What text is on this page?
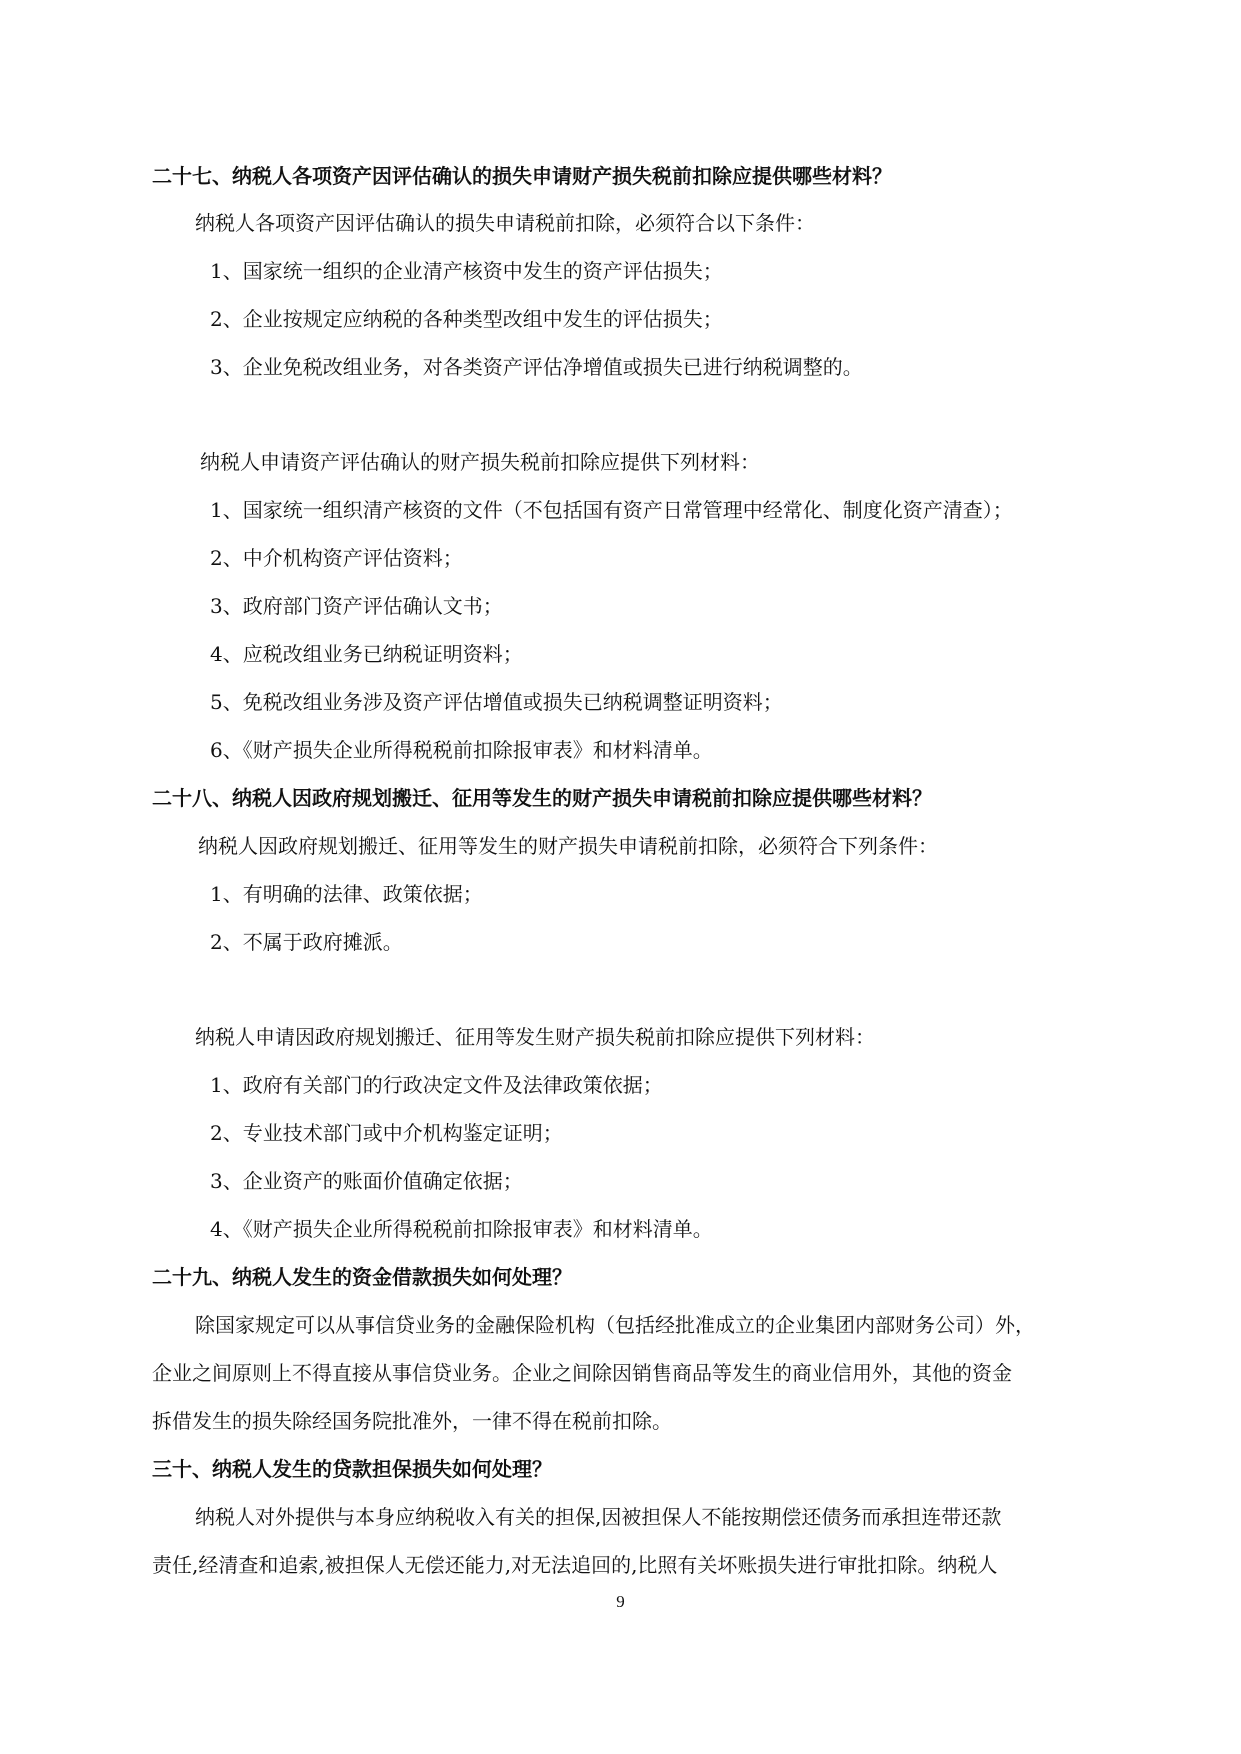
二十七、纳税人各项资产因评估确认的损失申请财产损失税前扣除应提供哪些材料？
纳税人各项资产因评估确认的损失申请税前扣除，必须符合以下条件：
1、国家统一组织的企业清产核资中发生的资产评估损失；
2、企业按规定应纳税的各种类型改组中发生的评估损失；
3、企业免税改组业务，对各类资产评估净增值或损失已进行纳税调整的。
纳税人申请资产评估确认的财产损失税前扣除应提供下列材料：
1、国家统一组织清产核资的文件（不包括国有资产日常管理中经常化、制度化资产清查）；
2、中介机构资产评估资料；
3、政府部门资产评估确认文书；
4、应税改组业务已纳税证明资料；
5、免税改组业务涉及资产评估增值或损失已纳税调整证明资料；
6、《财产损失企业所得税税前扣除报审表》和材料清单。
二十八、纳税人因政府规划搬迁、征用等发生的财产损失申请税前扣除应提供哪些材料？
纳税人因政府规划搬迁、征用等发生的财产损失申请税前扣除，必须符合下列条件：
1、有明确的法律、政策依据；
2、不属于政府摊派。
纳税人申请因政府规划搬迁、征用等发生财产损失税前扣除应提供下列材料：
1、政府有关部门的行政决定文件及法律政策依据；
2、专业技术部门或中介机构鉴定证明；
3、企业资产的账面价值确定依据；
4、《财产损失企业所得税税前扣除报审表》和材料清单。
二十九、纳税人发生的资金借款损失如何处理？
除国家规定可以从事信贷业务的金融保险机构（包括经批准成立的企业集团内部财务公司）外，
企业之间原则上不得直接从事信贷业务。企业之间除因销售商品等发生的商业信用外，其他的资金
拆借发生的损失除经国务院批准外，一律不得在税前扣除。
三十、纳税人发生的贷款担保损失如何处理？
纳税人对外提供与本身应纳税收入有关的担保,因被担保人不能按期偿还债务而承担连带还款
责任,经清查和追索,被担保人无偿还能力,对无法追回的,比照有关坏账损失进行审批扣除。纳税人
9
